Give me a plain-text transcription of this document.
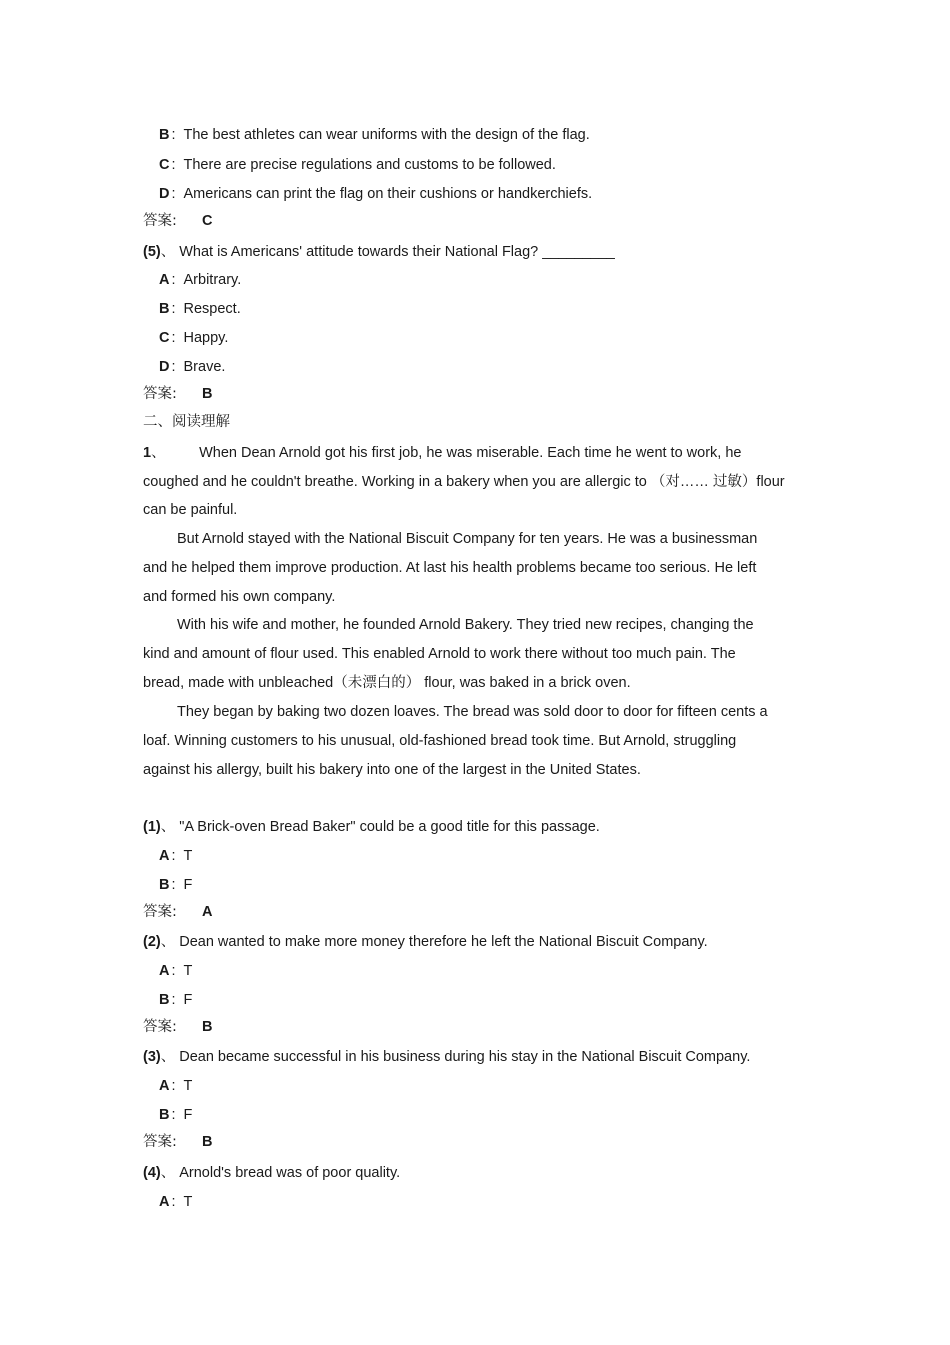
B : The best athletes can wear uniforms with the design of the flag.
C : There are precise regulations and customs to be followed.
D : Americans can print the flag on their cushions or handkerchiefs.
答案: C
(5)、 What is Americans' attitude towards their National Flag? _________
A : Arbitrary.
B : Respect.
C : Happy.
D : Brave.
答案: B
二、阅读理解
1、 When Dean Arnold got his first job, he was miserable. Each time he went to work, he
coughed and he couldn't breathe. Working in a bakery when you are allergic to （对…… 过敏）flour
can be painful.
But Arnold stayed with the National Biscuit Company for ten years. He was a businessman
and he helped them improve production. At last his health problems became too serious. He left
and formed his own company.
With his wife and mother, he founded Arnold Bakery. They tried new recipes, changing the
kind and amount of flour used. This enabled Arnold to work there without too much pain. The
bread, made with unbleached（未漂白的） flour, was baked in a brick oven.
They began by baking two dozen loaves. The bread was sold door to door for fifteen cents a
loaf. Winning customers to his unusual, old-fashioned bread took time. But Arnold, struggling
against his allergy, built his bakery into one of the largest in the United States.
(1)、 "A Brick-oven Bread Baker" could be a good title for this passage.
A : T
B : F
答案: A
(2)、 Dean wanted to make more money therefore he left the National Biscuit Company.
A : T
B : F
答案: B
(3)、 Dean became successful in his business during his stay in the National Biscuit Company.
A : T
B : F
答案: B
(4)、 Arnold's bread was of poor quality.
A : T
